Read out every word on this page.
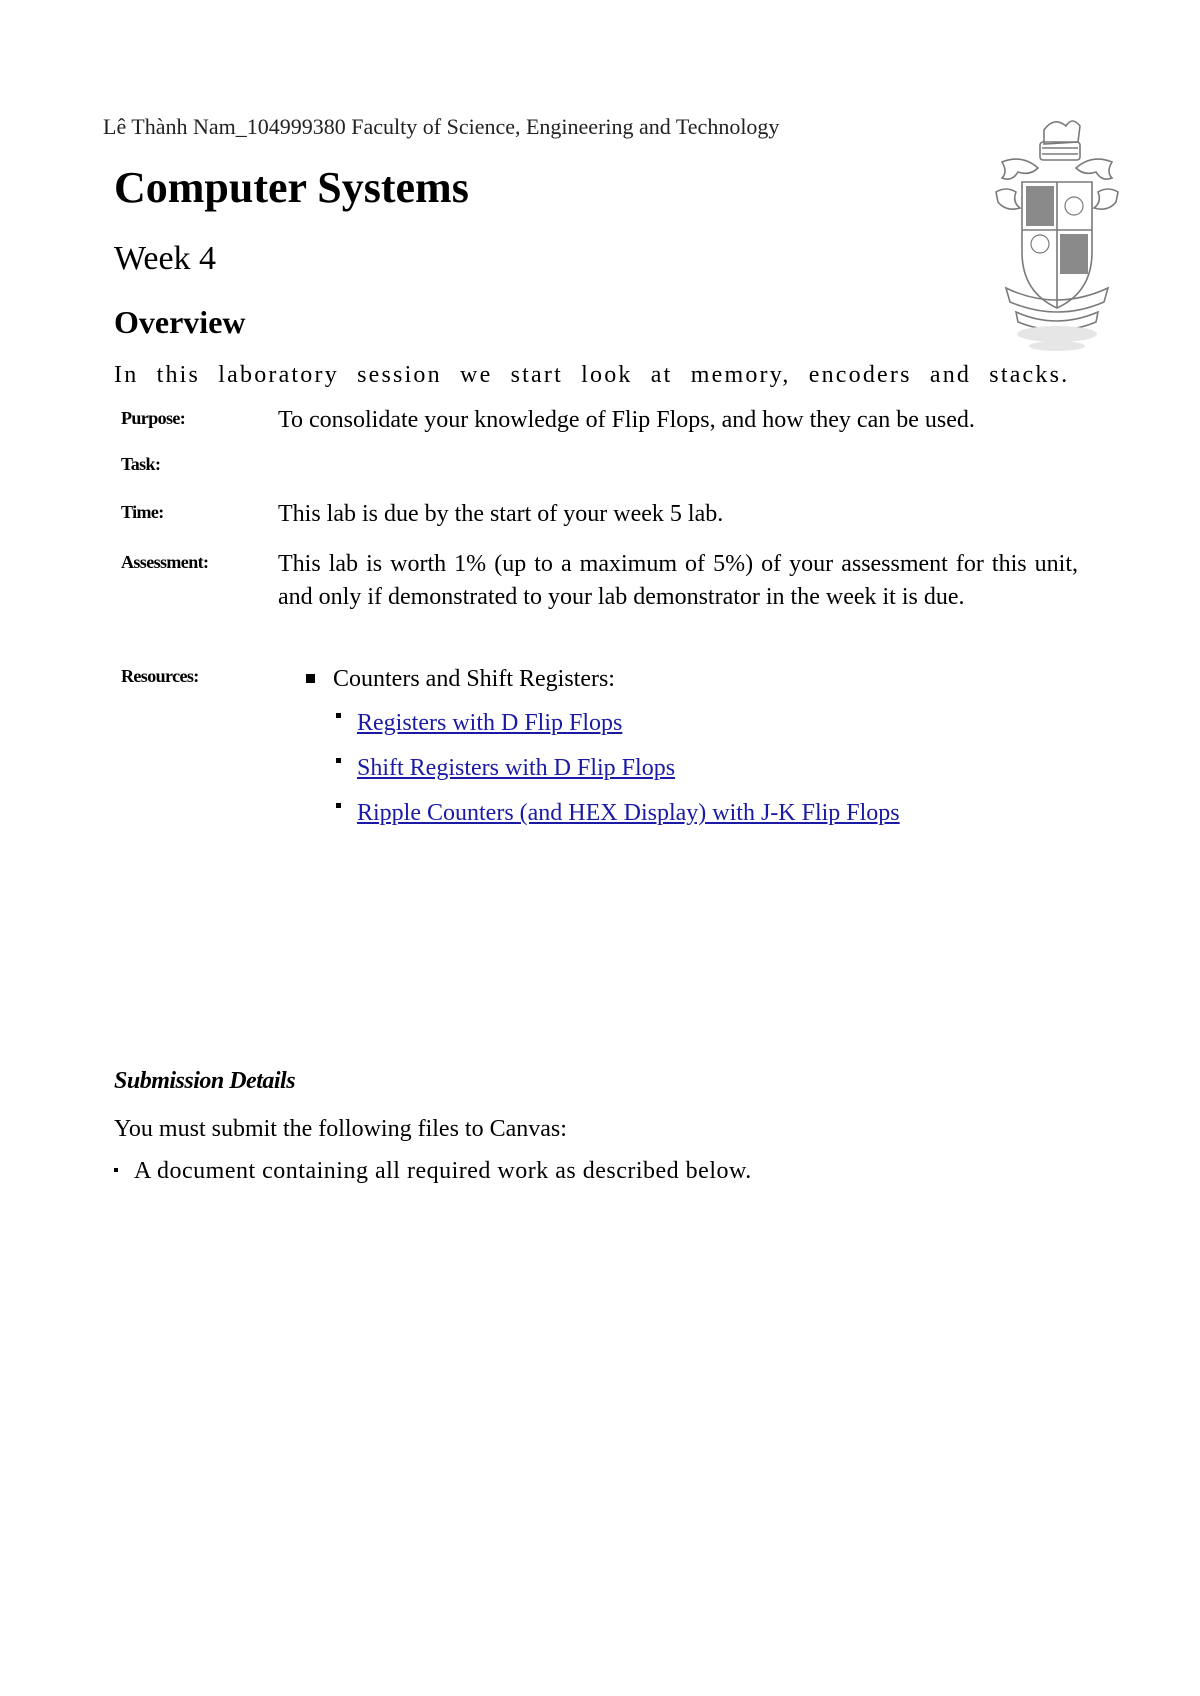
Lê Thành Nam_104999380 Faculty of Science, Engineering and Technology
Computer Systems
Week 4
Overview
In this laboratory session we start look at memory, encoders and stacks.
Purpose:	To consolidate your knowledge of Flip Flops, and how they can be used.
Task:
Time:	This lab is due by the start of your week 5 lab.
Assessment:	This lab is worth 1% (up to a maximum of 5%) of your assessment for this unit, and only if demonstrated to your lab demonstrator in the week it is due.
Resources:	Counters and Shift Registers:
Registers with D Flip Flops
Shift Registers with D Flip Flops
Ripple Counters (and HEX Display) with J-K Flip Flops
Submission Details
You must submit the following files to Canvas:
A document containing all required work as described below.
